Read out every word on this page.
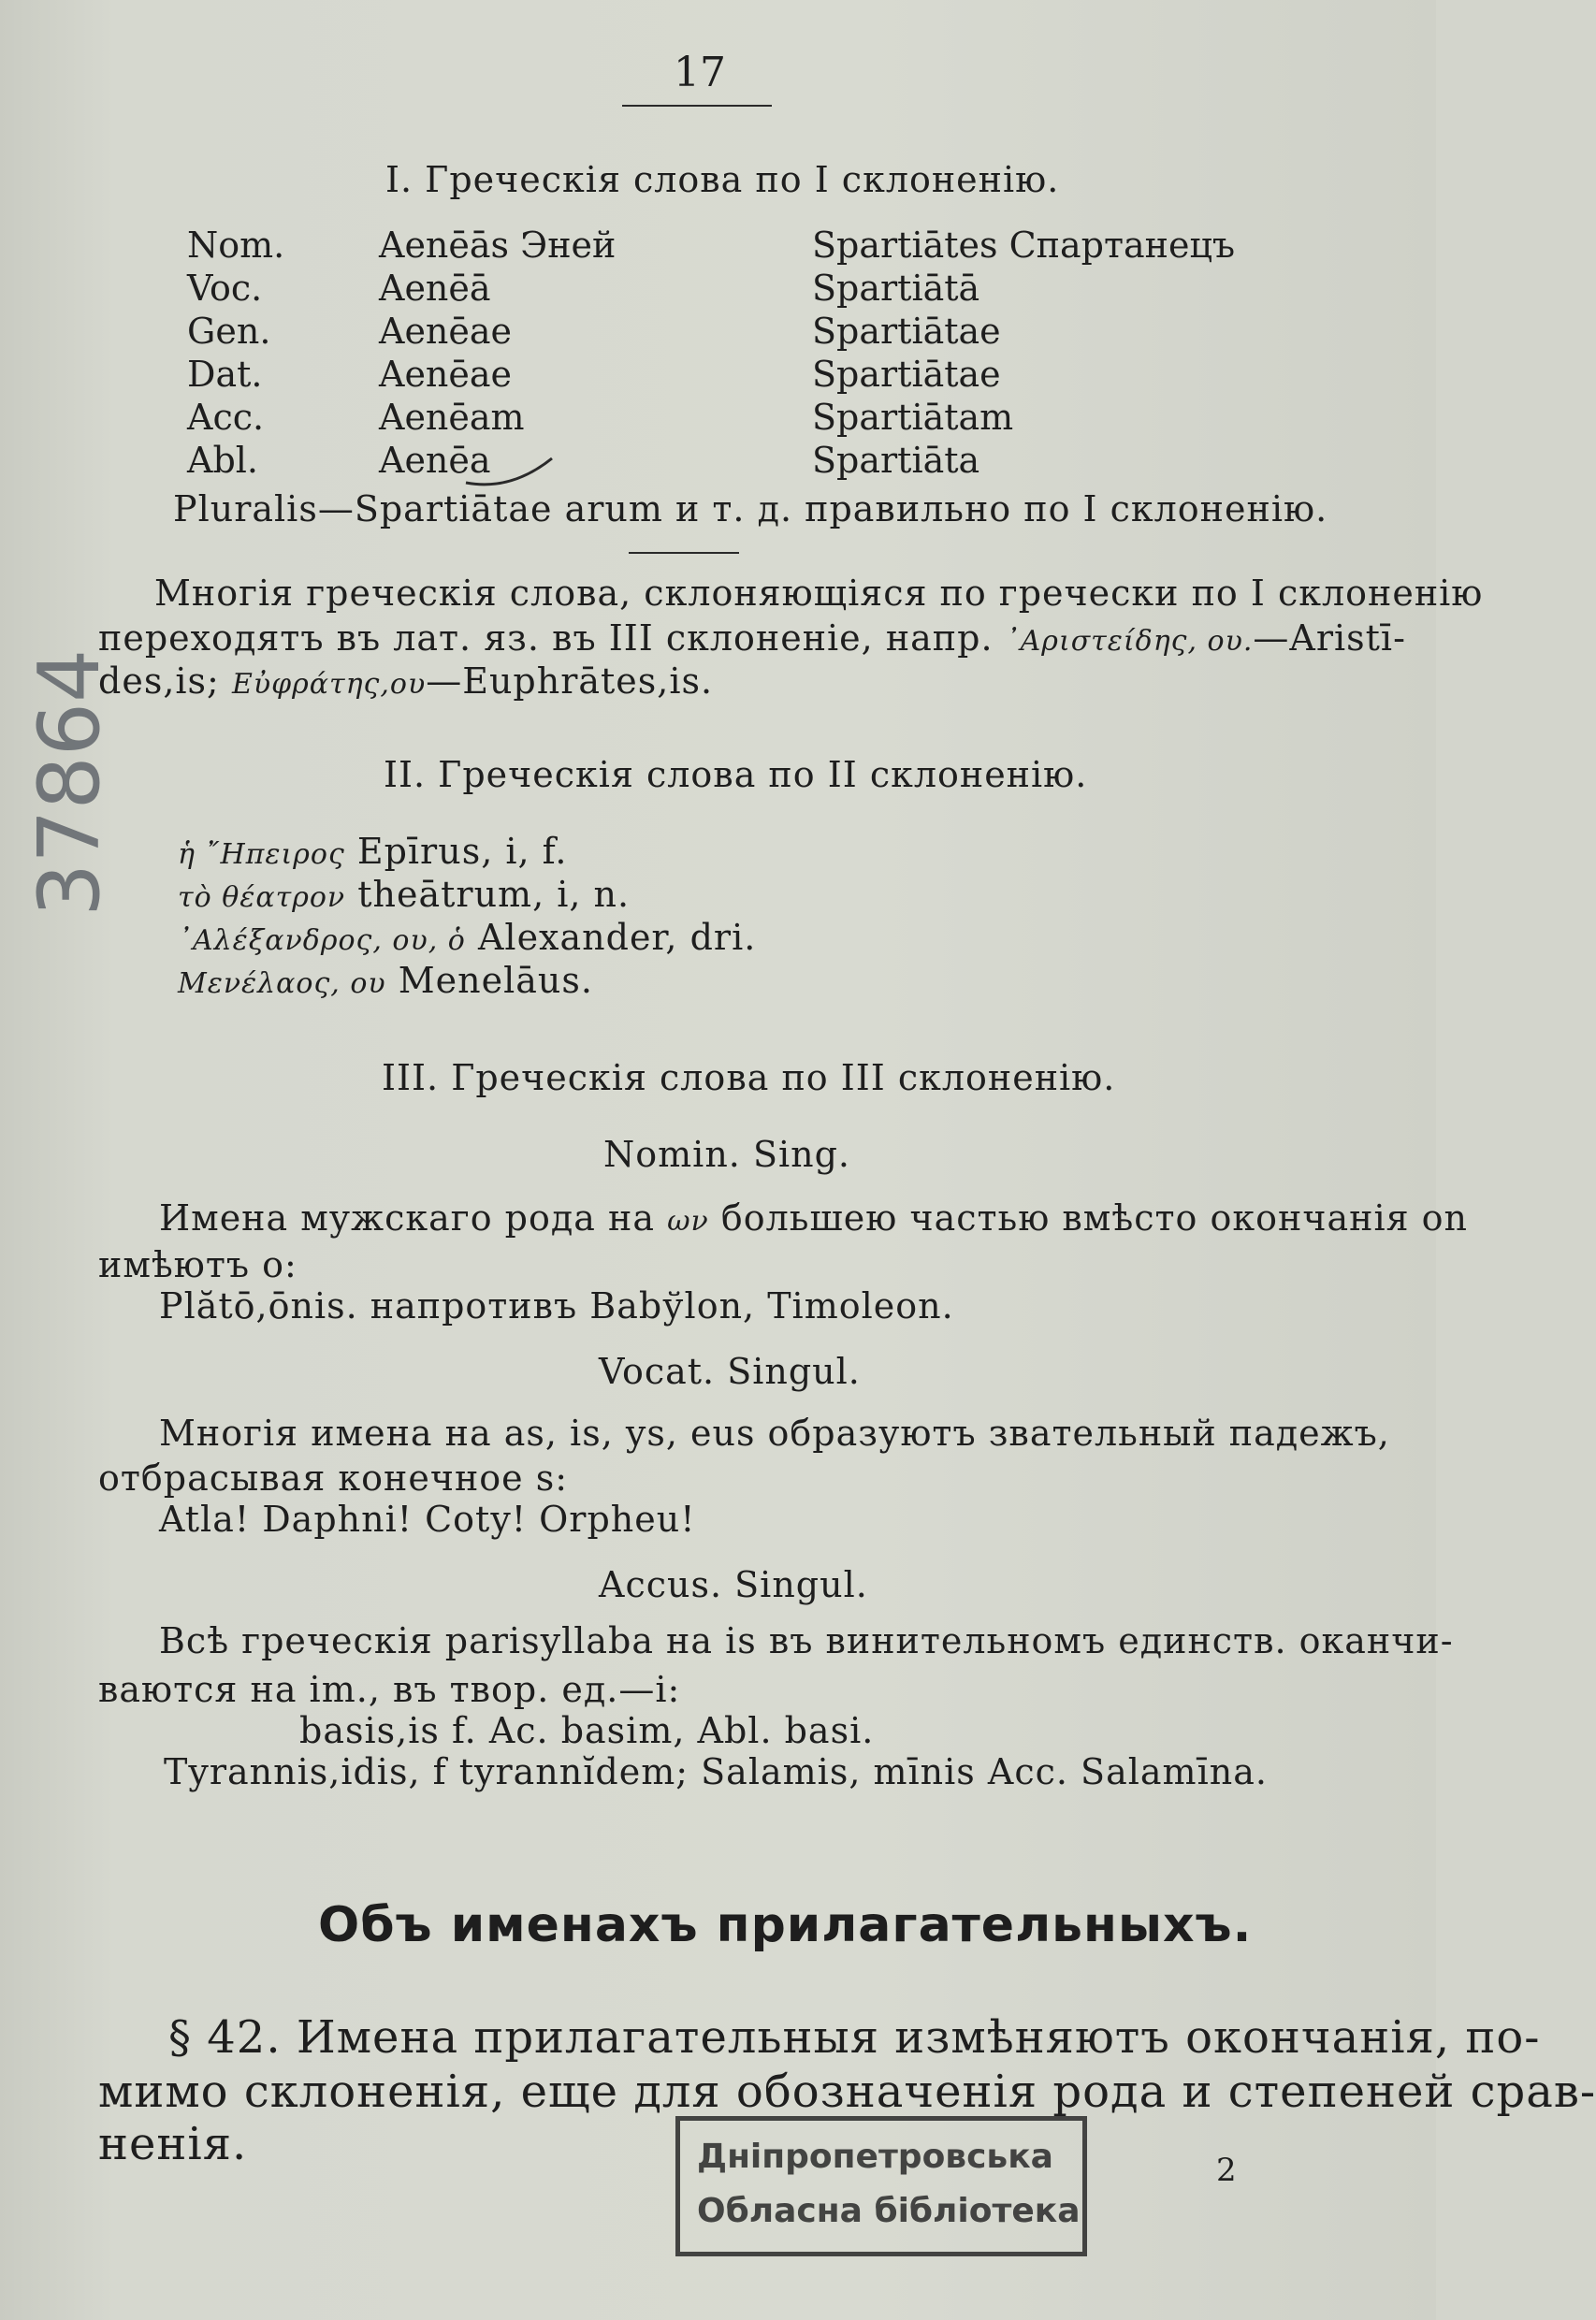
17
I. Греческія слова по I склоненію.
Nom.	Aenēās Эней	Spartiātes Спартанецъ
Voc.	Aenēā	Spartiātā
Gen.	Aenēae	Spartiātae
Dat.	Aenēae	Spartiātae
Acc.	Aenēam	Spartiātam
Abl.	Aenēa	Spartiāta
Pluralis—Spartiātae arum и т. д. правильно по I склоненію.
Многія греческія слова, склоняющіяся по гречески по I склоненію
переходятъ въ лат. яз. въ III склоненіе, напр. ᾿Αριστείδης, ου.—Aristī-
des,is; Εὐφράτης,ου—Euphrātes,is.
II. Греческія слова по II склоненію.
ἡ ῎Ηπειρος Epīrus, i, f.
τὸ θέατρον theātrum, i, n.
᾿Αλέξανδρος, ου, ὁ Alexander, dri.
Μενέλαος, ου Menelāus.
III. Греческія слова по III склоненію.
Nomin. Sing.
Имена мужскаго рода на ων большею частью вмѣсто окончанія on
имѣютъ o:
Plătō,ōnis. напротивъ Babўlon, Timoleon.
Vocat. Singul.
Многія имена на as, is, ys, eus образуютъ звательный падежъ,
отбрасывая конечное s:
Atla! Daphni! Coty! Orpheu!
Accus. Singul.
Всѣ греческія parisyllaba на is въ винительномъ единств. оканчи-
ваются на im., въ твор. ед.—i:
basis,is f. Ac. basim, Abl. basi.
Tyrannis,idis, f tyrannĭdem; Salamis, mīnis Acc. Salamīna.
Объ именахъ прилагательныхъ.
§ 42. Имена прилагательныя измѣняютъ окончанія, по-
мимо склоненія, еще для обозначенія рода и степеней срав-
ненія.	2
Днiпропетровська
Обласна бiблiотека
37864
